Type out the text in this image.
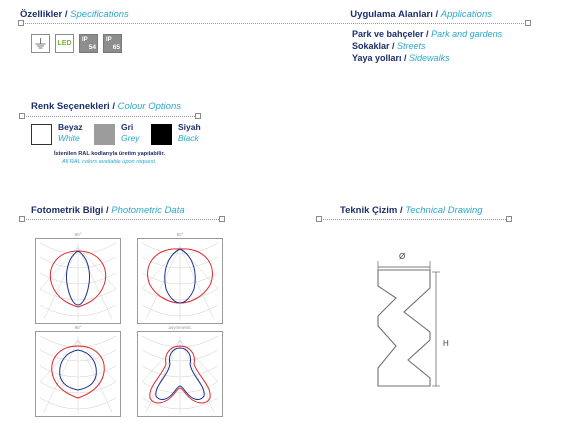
Özellikler / Specifications
LED	IP
54
IP
65
Uygulama Alanları / Applications
Park ve bahçeler / Park and gardens
Sokaklar / Streets
Yaya yolları / Sidewalks
Renk Seçenekleri / Colour Options
Beyaz
White
Gri
Grey
Siyah
Black
İstenilen RAL kodlarıyla üretim yapılabilir.
All RAL colors available upon request.
Fotometrik Bilgi / Photometric Data
90°	60°
90°	asymmetric
Teknik Çizim / Technical Drawing
Ø
H
